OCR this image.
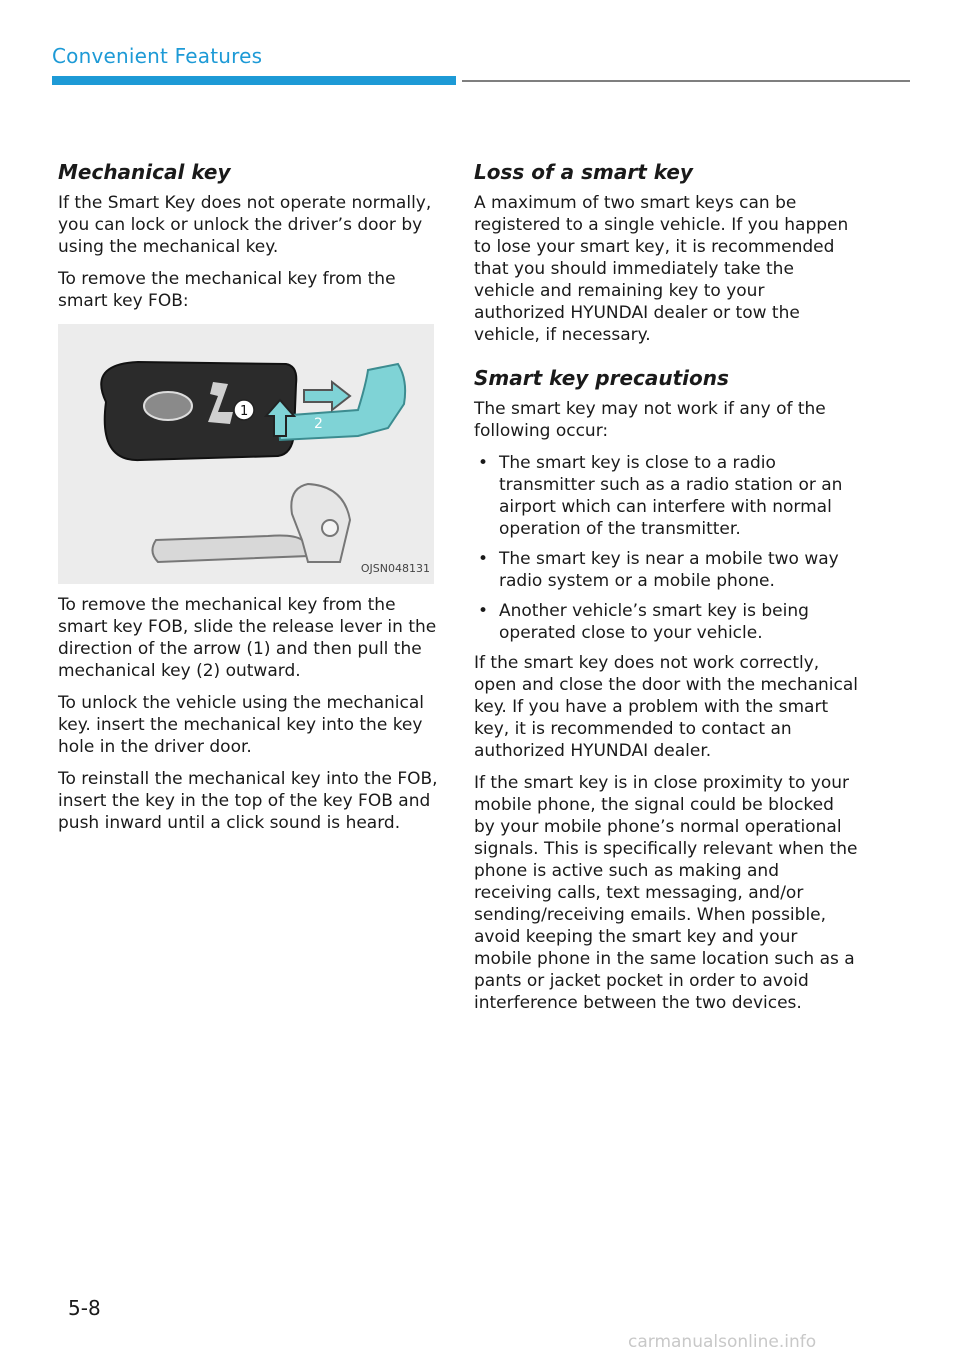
Convenient Features
Mechanical key

If the Smart Key does not operate normally, you can lock or unlock the driver’s door by using the mechanical key.

To remove the mechanical key from the smart key FOB:

1
2
OJSN048131

To remove the mechanical key from the smart key FOB, slide the release lever in the direction of the arrow (1) and then pull the mechanical key (2) outward.

To unlock the vehicle using the mechanical key. insert the mechanical key into the key hole in the driver door.

To reinstall the mechanical key into the FOB, insert the key in the top of the key FOB and push inward until a click sound is heard.

Loss of a smart key

A maximum of two smart keys can be registered to a single vehicle. If you happen to lose your smart key, it is recommended that you should immediately take the vehicle and remaining key to your authorized HYUNDAI dealer or tow the vehicle, if necessary.

Smart key precautions

The smart key may not work if any of the following occur:

• The smart key is close to a radio transmitter such as a radio station or an airport which can interfere with normal operation of the transmitter.
• The smart key is near a mobile two way radio system or a mobile phone.
• Another vehicle’s smart key is being operated close to your vehicle.

If the smart key does not work correctly, open and close the door with the mechanical key. If you have a problem with the smart key, it is recommended to contact an authorized HYUNDAI dealer.

If the smart key is in close proximity to your mobile phone, the signal could be blocked by your mobile phone’s normal operational signals. This is specifically relevant when the phone is active such as making and receiving calls, text messaging, and/or sending/receiving emails. When possible, avoid keeping the smart key and your mobile phone in the same location such as a pants or jacket pocket in order to avoid interference between the two devices.

5-8
carmanualsonline.info
